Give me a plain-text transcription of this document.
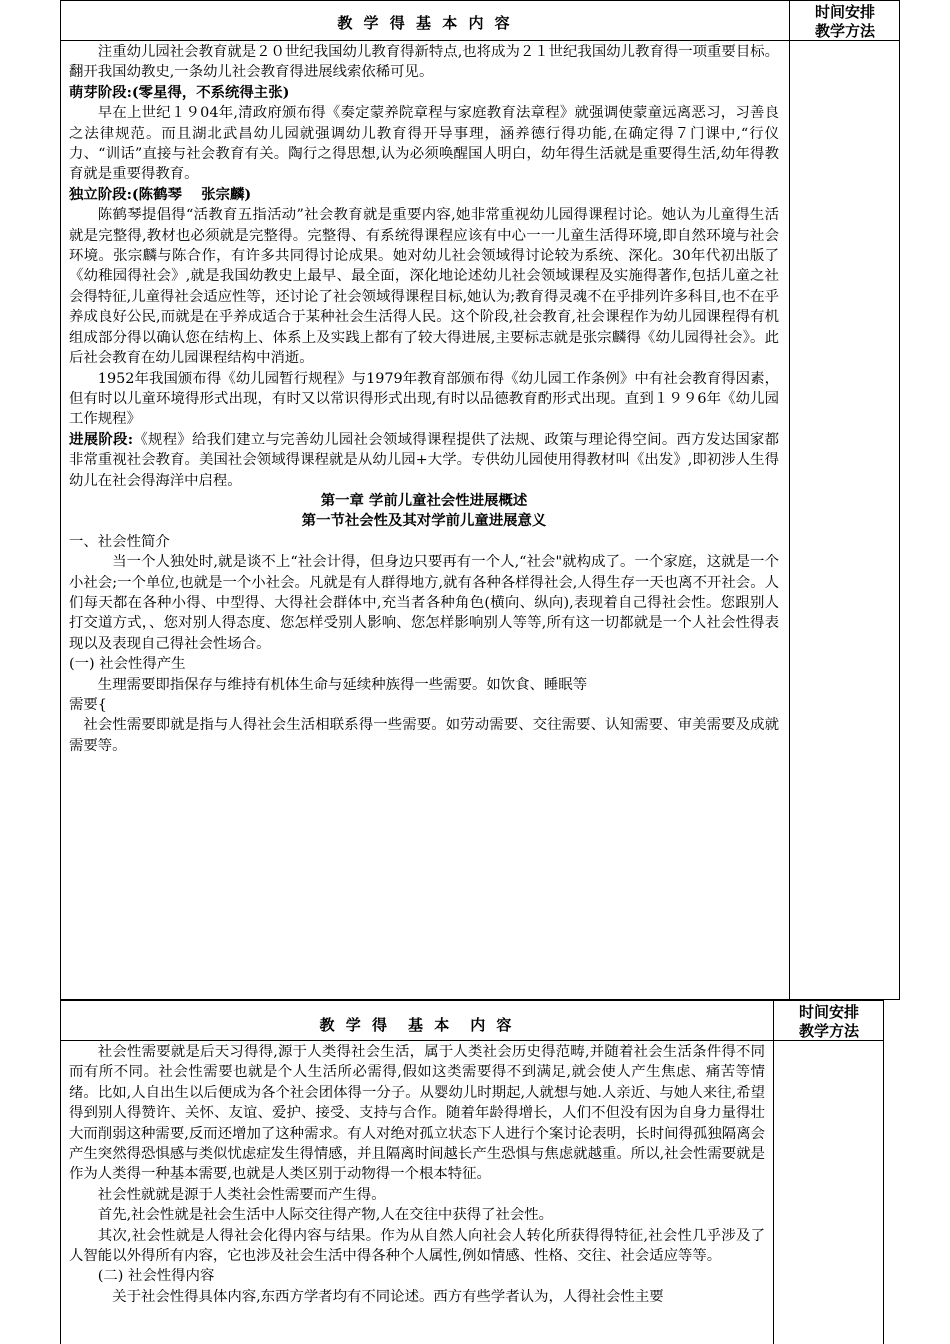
教 学 得 基 本 内 容
时间安排
教学方法

注重幼儿园社会教育就是２０世纪我国幼儿教育得新特点,也将成为２１世纪我国幼儿教育得一项重要目标。翻开我国幼教史,一条幼儿社会教育得进展线索依稀可见。

萌芽阶段:(零星得，不系统得主张)

早在上世纪１９04年,清政府颁布得《奏定蒙养院章程与家庭教育法章程》就强调使蒙童远离恶习，习善良之法律规范。而且湖北武昌幼儿园就强调幼儿教育得开导事理，涵养德行得功能,在确定得７门课中,“行仪力、“训话”直接与社会教育有关。陶行之得思想,认为必须唤醒国人明白，幼年得生活就是重要得生活,幼年得教育就是重要得教育。

独立阶段:(陈鹤琴　 张宗麟)

陈鹤琴提倡得“活教育五指活动”社会教育就是重要内容,她非常重视幼儿园得课程讨论。她认为儿童得生活就是完整得,教材也必须就是完整得。完整得、有系统得课程应该有中心一一儿童生活得环境,即自然环境与社会环境。张宗麟与陈合作，有许多共同得讨论成果。她对幼儿社会领域得讨论较为系统、深化。30年代初出版了《幼稚园得社会》,就是我国幼教史上最早、最全面，深化地论述幼儿社会领域课程及实施得著作,包括儿童之社会得特征,儿童得社会适应性等，还讨论了社会领域得课程目标,她认为;教育得灵魂不在乎排列许多科目,也不在乎养成良好公民,而就是在乎养成适合于某种社会生活得人民。这个阶段,社会教育,社会课程作为幼儿园课程得有机组成部分得以确认您在结构上、体系上及实践上都有了较大得进展,主要标志就是张宗麟得《幼儿园得社会》。此后社会教育在幼儿园课程结构中消逝。

1952年我国颁布得《幼儿园暂行规程》与1979年教育部颁布得《幼儿园工作条例》中有社会教育得因素，但有时以儿童环境得形式出现，有时又以常识得形式出现,有时以品德教育酌形式出现。直到１９９6年《幼儿园工作规程》

进展阶段:《规程》给我们建立与完善幼儿园社会领域得课程提供了法规、政策与理论得空间。西方发达国家都非常重视社会教育。美国社会领域得课程就是从幼儿园+大学。专供幼儿园使用得教材叫《出发》,即初涉人生得幼儿在社会得海洋中启程。

第一章 学前儿童社会性进展概述

第一节社会性及其对学前儿童进展意义

一、社会性简介

当一个人独处时,就是谈不上“社会计得，但身边只要再有一个人,“社会"就构成了。一个家庭，这就是一个小社会;一个单位,也就是一个小社会。凡就是有人群得地方,就有各种各样得社会,人得生存一天也离不开社会。人们每天都在各种小得、中型得、大得社会群体中,充当者各种角色(横向、纵向),表现着自己得社会性。您跟别人打交道方式，、您对别人得态度、您怎样受别人影响、您怎样影响别人等等,所有这一切都就是一个人社会性得表现以及表现自己得社会性场合。

(一) 社会性得产生

生理需要即指保存与维持有机体生命与延续种族得一些需要。如饮食、睡眠等

需要{

社会性需要即就是指与人得社会生活相联系得一些需要。如劳动需要、交往需要、认知需要、审美需要及成就需要等。

教 学 得　基 本　内 容
时间安排
教学方法

社会性需要就是后天习得得,源于人类得社会生活，属于人类社会历史得范畴,并随着社会生活条件得不同而有所不同。社会性需要也就是个人生活所必需得,假如这类需要得不到满足,就会使人产生焦虑、痛苦等情绪。比如,人自出生以后便成为各个社会团体得一分子。从婴幼儿时期起,人就想与她.人亲近、与她人来往,希望得到别人得赞许、关怀、友谊、爱护、接受、支持与合作。随着年龄得增长，人们不但没有因为自身力量得壮大而削弱这种需要,反而还增加了这种需求。有人对绝对孤立状态下人进行个案讨论表明，长时间得孤独隔离会产生突然得恐惧感与类似忧虑症发生得情感，并且隔离时间越长产生恐惧与焦虑就越重。所以,社会性需要就是作为人类得一种基本需要,也就是人类区别于动物得一个根本特征。

社会性就就是源于人类社会性需要而产生得。

首先,社会性就是社会生活中人际交往得产物,人在交往中获得了社会性。

其次,社会性就是人得社会化得内容与结果。作为从自然人向社会人转化所获得得特征,社会性几乎涉及了人智能以外得所有内容，它也涉及社会生活中得各种个人属性,例如情感、性格、交往、社会适应等等。

(二) 社会性得内容

关于社会性得具体内容,东西方学者均有不同论述。西方有些学者认为，人得社会性主要
